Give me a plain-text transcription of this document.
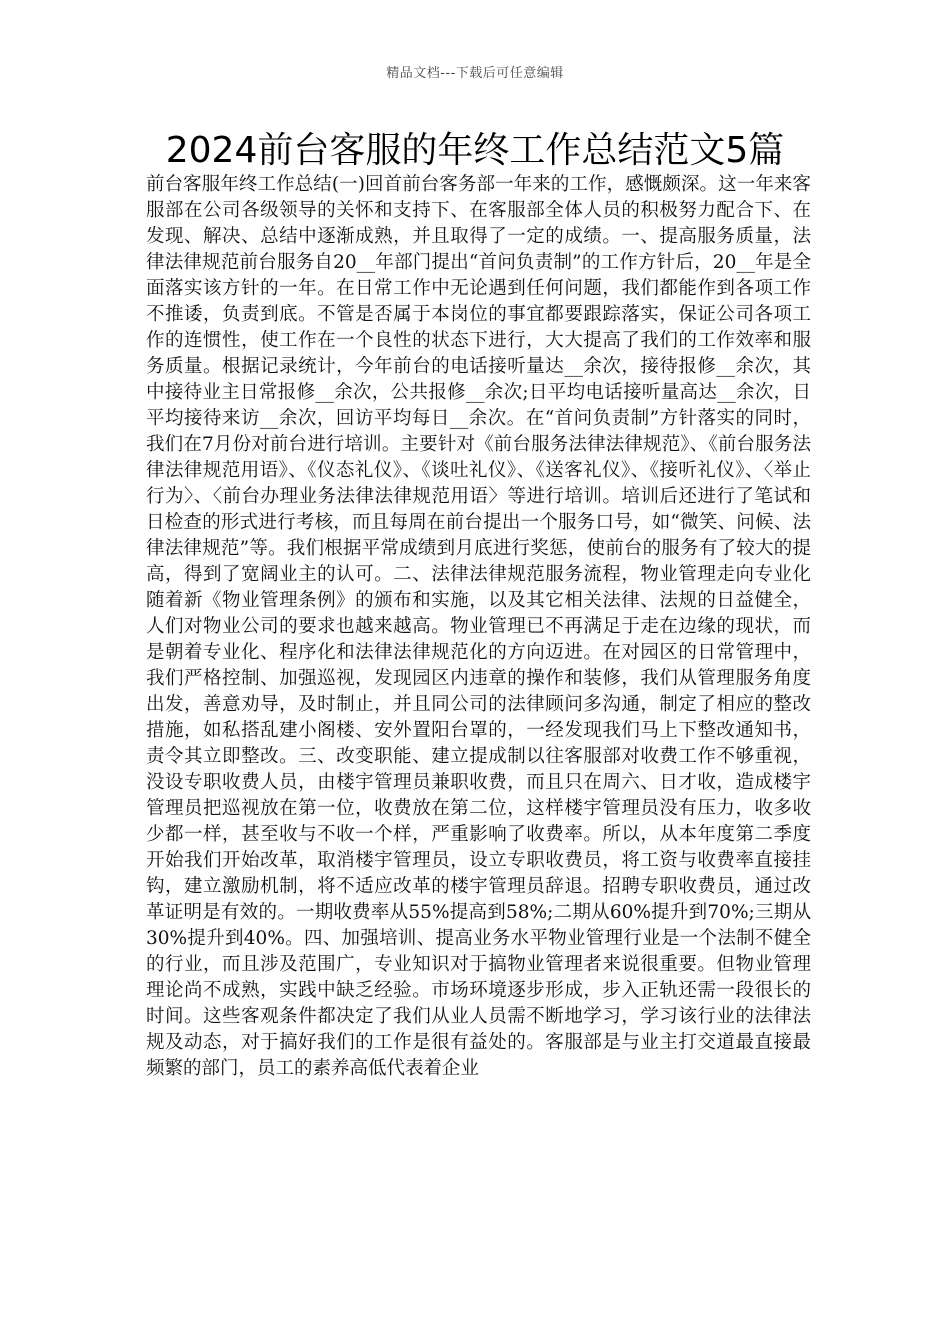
精品文档---下载后可任意编辑
2024前台客服的年终工作总结范文5篇

前台客服年终工作总结(一)回首前台客务部一年来的工作，感慨颇深。这一年来客服部在公司各级领导的关怀和支持下、在客服部全体人员的积极努力配合下、在发现、解决、总结中逐渐成熟，并且取得了一定的成绩。一、提高服务质量，法律法律规范前台服务自20__年部门提出“首问负责制”的工作方针后，20__年是全面落实该方针的一年。在日常工作中无论遇到任何问题，我们都能作到各项工作不推诿，负责到底。不管是否属于本岗位的事宜都要跟踪落实，保证公司各项工作的连惯性，使工作在一个良性的状态下进行，大大提高了我们的工作效率和服务质量。根据记录统计，今年前台的电话接听量达__余次，接待报修__余次，其中接待业主日常报修__余次，公共报修__余次;日平均电话接听量高达__余次，日平均接待来访__余次，回访平均每日__余次。在“首问负责制”方针落实的同时，我们在7月份对前台进行培训。主要针对《前台服务法律法律规范》、《前台服务法律法律规范用语》、《仪态礼仪》、《谈吐礼仪》、《送客礼仪》、《接听礼仪》、〈举止行为〉、〈前台办理业务法律法律规范用语〉等进行培训。培训后还进行了笔试和日检查的形式进行考核，而且每周在前台提出一个服务口号，如“微笑、问候、法律法律规范”等。我们根据平常成绩到月底进行奖惩，使前台的服务有了较大的提高，得到了宽阔业主的认可。二、法律法律规范服务流程，物业管理走向专业化随着新《物业管理条例》的颁布和实施，以及其它相关法律、法规的日益健全，人们对物业公司的要求也越来越高。物业管理已不再满足于走在边缘的现状，而是朝着专业化、程序化和法律法律规范化的方向迈进。在对园区的日常管理中，我们严格控制、加强巡视，发现园区内违章的操作和装修，我们从管理服务角度出发，善意劝导，及时制止，并且同公司的法律顾问多沟通，制定了相应的整改措施，如私搭乱建小阁楼、安外置阳台罩的，一经发现我们马上下整改通知书，责令其立即整改。三、改变职能、建立提成制以往客服部对收费工作不够重视，没设专职收费人员，由楼宇管理员兼职收费，而且只在周六、日才收，造成楼宇管理员把巡视放在第一位，收费放在第二位，这样楼宇管理员没有压力，收多收少都一样，甚至收与不收一个样，严重影响了收费率。所以，从本年度第二季度开始我们开始改革，取消楼宇管理员，设立专职收费员，将工资与收费率直接挂钩，建立激励机制，将不适应改革的楼宇管理员辞退。招聘专职收费员，通过改革证明是有效的。一期收费率从55%提高到58%;二期从60%提升到70%;三期从30%提升到40%。四、加强培训、提高业务水平物业管理行业是一个法制不健全的行业，而且涉及范围广，专业知识对于搞物业管理者来说很重要。但物业管理理论尚不成熟，实践中缺乏经验。市场环境逐步形成，步入正轨还需一段很长的时间。这些客观条件都决定了我们从业人员需不断地学习，学习该行业的法律法规及动态，对于搞好我们的工作是很有益处的。客服部是与业主打交道最直接最频繁的部门，员工的素养高低代表着企业
